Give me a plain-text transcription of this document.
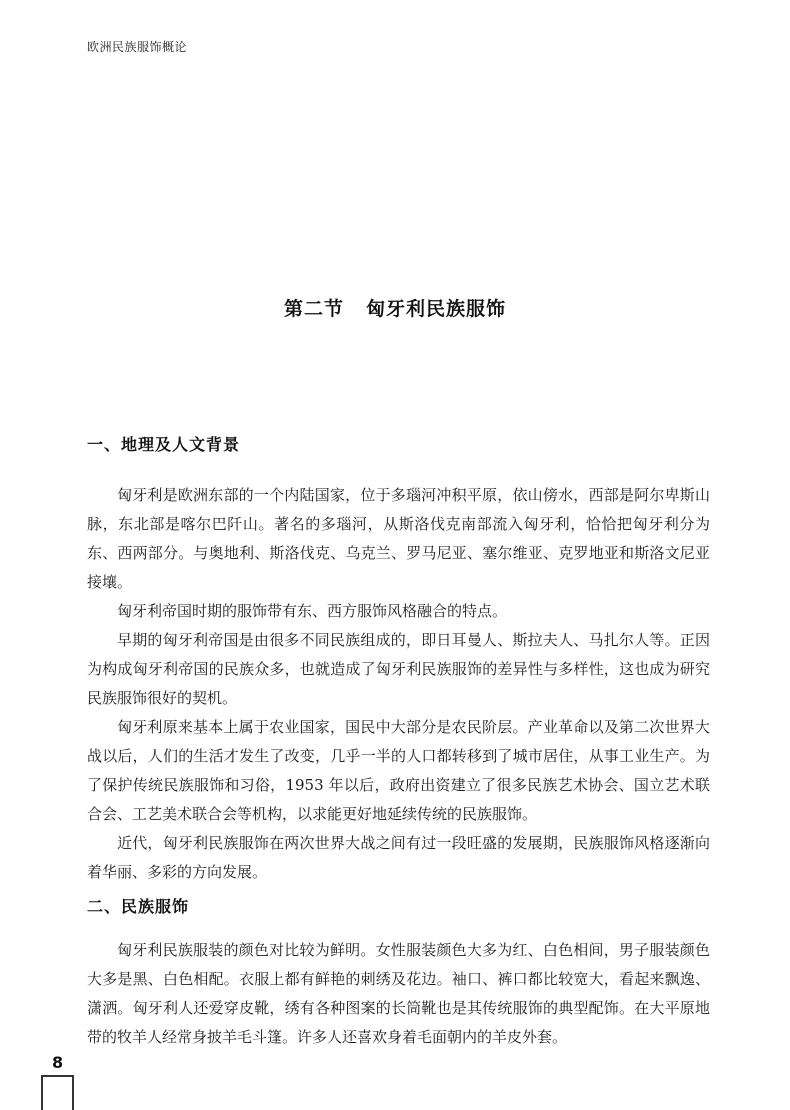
欧洲民族服饰概论
第二节 匈牙利民族服饰
一、地理及人文背景

匈牙利是欧洲东部的一个内陆国家，位于多瑙河冲积平原，依山傍水，西部是阿尔卑斯山脉，东北部是喀尔巴阡山。著名的多瑙河，从斯洛伐克南部流入匈牙利，恰恰把匈牙利分为东、西两部分。与奥地利、斯洛伐克、乌克兰、罗马尼亚、塞尔维亚、克罗地亚和斯洛文尼亚接壤。

匈牙利帝国时期的服饰带有东、西方服饰风格融合的特点。

早期的匈牙利帝国是由很多不同民族组成的，即日耳曼人、斯拉夫人、马扎尔人等。正因为构成匈牙利帝国的民族众多，也就造成了匈牙利民族服饰的差异性与多样性，这也成为研究民族服饰很好的契机。

匈牙利原来基本上属于农业国家，国民中大部分是农民阶层。产业革命以及第二次世界大战以后，人们的生活才发生了改变，几乎一半的人口都转移到了城市居住，从事工业生产。为了保护传统民族服饰和习俗，1953 年以后，政府出资建立了很多民族艺术协会、国立艺术联合会、工艺美术联合会等机构，以求能更好地延续传统的民族服饰。

近代，匈牙利民族服饰在两次世界大战之间有过一段旺盛的发展期，民族服饰风格逐渐向着华丽、多彩的方向发展。

二、民族服饰

匈牙利民族服装的颜色对比较为鲜明。女性服装颜色大多为红、白色相间，男子服装颜色大多是黑、白色相配。衣服上都有鲜艳的刺绣及花边。袖口、裤口都比较宽大，看起来飘逸、潇洒。匈牙利人还爱穿皮靴，绣有各种图案的长筒靴也是其传统服饰的典型配饰。在大平原地带的牧羊人经常身披羊毛斗篷。许多人还喜欢身着毛面朝内的羊皮外套。

8
